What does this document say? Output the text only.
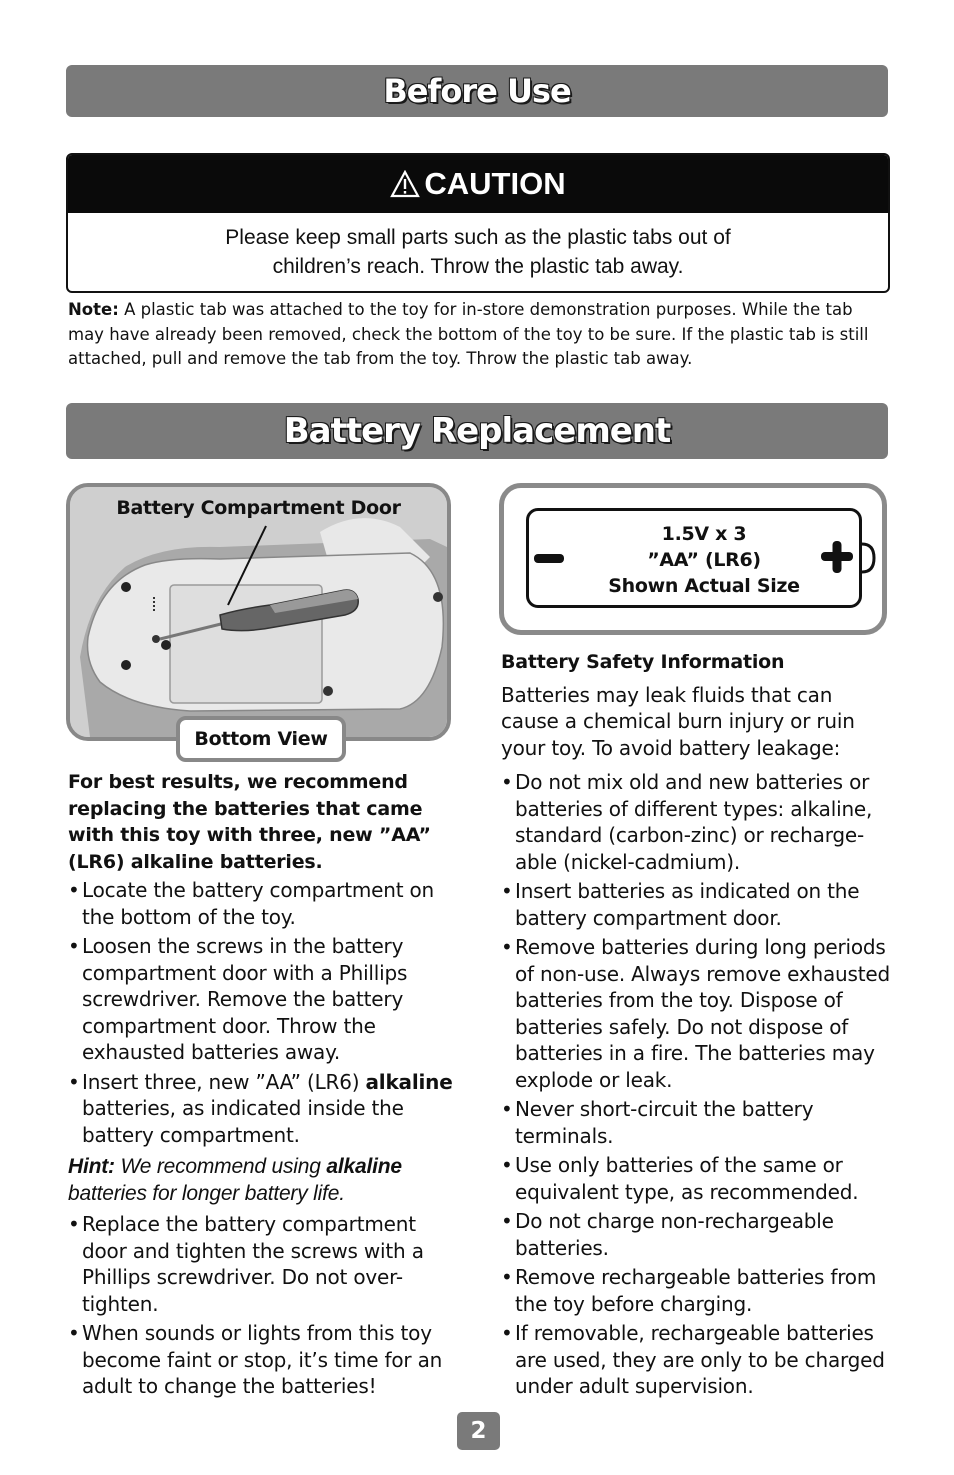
Before Use
CAUTION
Please keep small parts such as the plastic tabs out of
children’s reach. Throw the plastic tab away.
Note: A plastic tab was attached to the toy for in-store demonstration purposes. While the tab may have already been removed, check the bottom of the toy to be sure. If the plastic tab is still attached, pull and remove the tab from the toy. Throw the plastic tab away.
Battery Replacement
Battery Compartment Door
Bottom View
1.5V x 3
”AA” (LR6)
Shown Actual Size
For best results, we recommend replacing the batteries that came with this toy with three, new ”AA” (LR6) alkaline batteries.
• Locate the battery compartment on the bottom of the toy.
• Loosen the screws in the battery compartment door with a Phillips screwdriver. Remove the battery compartment door. Throw the exhausted batteries away.
• Insert three, new ”AA” (LR6) alkaline batteries, as indicated inside the battery compartment.
Hint: We recommend using alkaline batteries for longer battery life.
• Replace the battery compartment door and tighten the screws with a Phillips screwdriver. Do not over-tighten.
• When sounds or lights from this toy become faint or stop, it’s time for an adult to change the batteries!
Battery Safety Information
Batteries may leak fluids that can cause a chemical burn injury or ruin your toy. To avoid battery leakage:
• Do not mix old and new batteries or batteries of different types: alkaline, standard (carbon-zinc) or recharge-able (nickel-cadmium).
• Insert batteries as indicated on the battery compartment door.
• Remove batteries during long periods of non-use. Always remove exhausted batteries from the toy. Dispose of batteries safely. Do not dispose of batteries in a fire. The batteries may explode or leak.
• Never short-circuit the battery terminals.
• Use only batteries of the same or equivalent type, as recommended.
• Do not charge non-rechargeable batteries.
• Remove rechargeable batteries from the toy before charging.
• If removable, rechargeable batteries are used, they are only to be charged under adult supervision.
2
